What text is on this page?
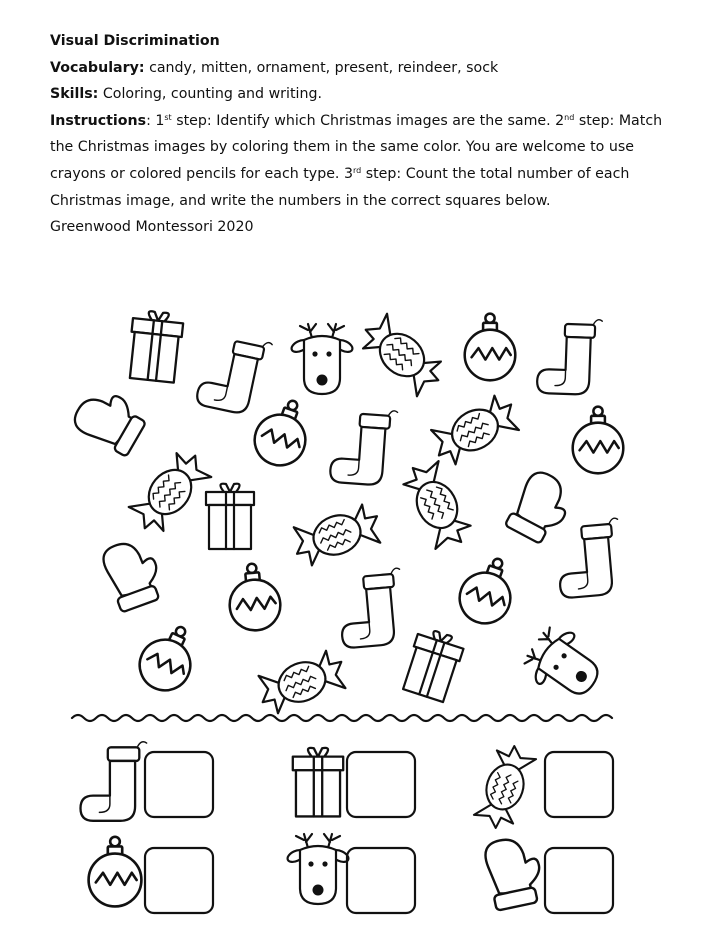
Visual Discrimination

Vocabulary: candy, mitten, ornament, present, reindeer, sock

Skills: Coloring, counting and writing.

Instructions: 1st step: Identify which Christmas images are the same. 2nd step: Match the Christmas images by coloring them in the same color. You are welcome to use crayons or colored pencils for each type. 3rd step: Count the total number of each Christmas image, and write the numbers in the correct squares below.

Greenwood Montessori 2020
